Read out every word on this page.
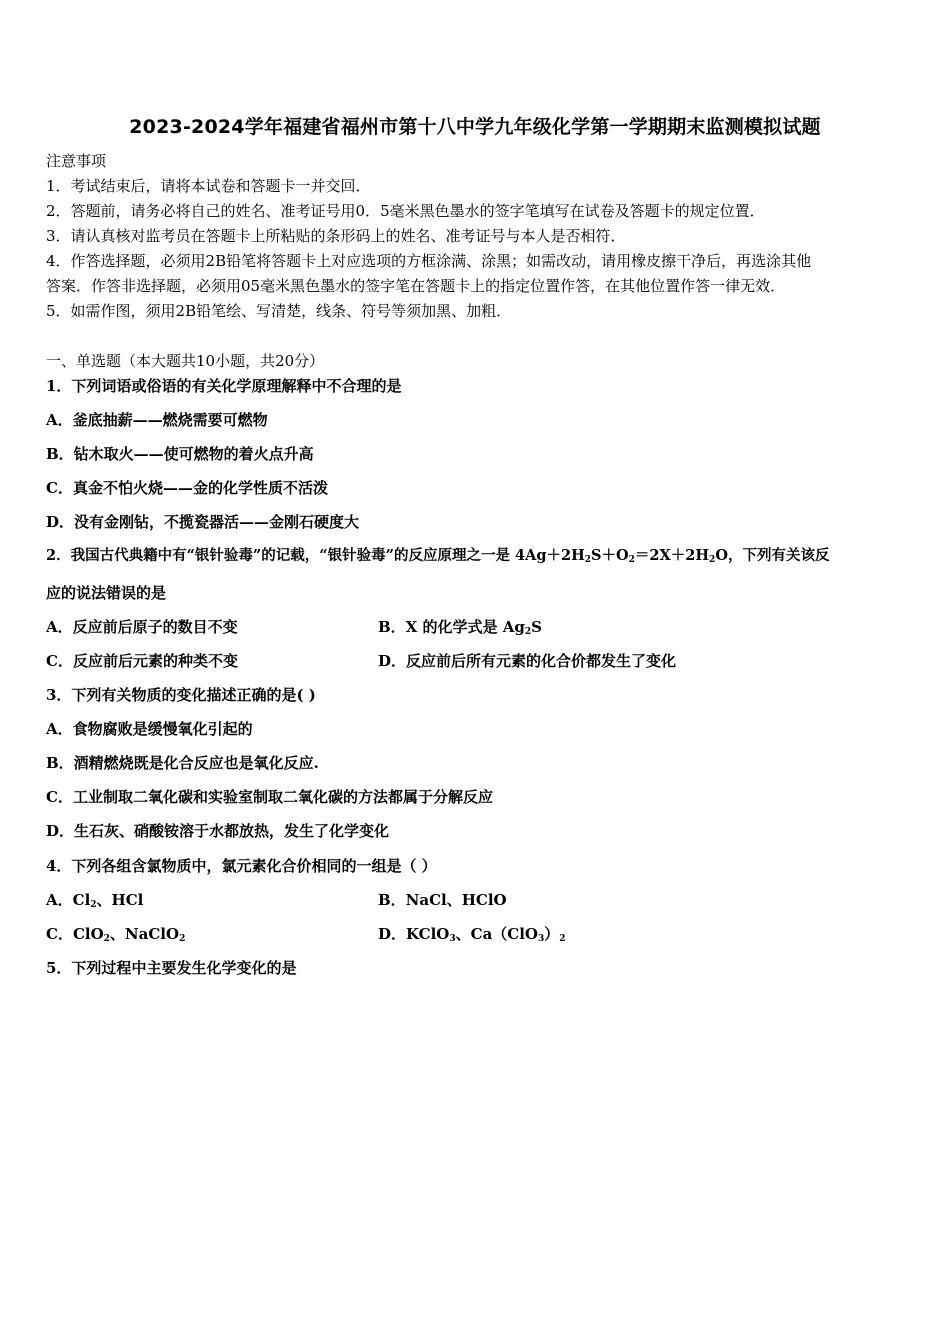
2023-2024学年福建省福州市第十八中学九年级化学第一学期期末监测模拟试题
注意事项
1．考试结束后，请将本试卷和答题卡一并交回．
2．答题前，请务必将自己的姓名、准考证号用0．5毫米黑色墨水的签字笔填写在试卷及答题卡的规定位置．
3．请认真核对监考员在答题卡上所粘贴的条形码上的姓名、准考证号与本人是否相符．
4．作答选择题，必须用2B铅笔将答题卡上对应选项的方框涂满、涂黑；如需改动，请用橡皮擦干净后，再选涂其他
答案．作答非选择题，必须用05毫米黑色墨水的签字笔在答题卡上的指定位置作答，在其他位置作答一律无效．
5．如需作图，须用2B铅笔绘、写清楚，线条、符号等须加黑、加粗．
一、单选题（本大题共10小题，共20分）
1．下列词语或俗语的有关化学原理解释中不合理的是
A．釜底抽薪——燃烧需要可燃物
B．钻木取火——使可燃物的着火点升高
C．真金不怕火烧——金的化学性质不活泼
D．没有金刚钻，不揽瓷器活——金刚石硬度大
2．我国古代典籍中有“银针验毒”的记载，“银针验毒”的反应原理之一是 $4Ag+2H_2S+O_2=2X+2H_2O$，下列有关该反
应的说法错误的是
A．反应前后原子的数目不变	B．X 的化学式是 $Ag_2S$
C．反应前后元素的种类不变	D．反应前后所有元素的化合价都发生了变化
3．下列有关物质的变化描述正确的是( )
A．食物腐败是缓慢氧化引起的
B．酒精燃烧既是化合反应也是氧化反应.
C．工业制取二氧化碳和实验室制取二氧化碳的方法都属于分解反应
D．生石灰、硝酸铵溶于水都放热，发生了化学变化
4．下列各组含氯物质中，氯元素化合价相同的一组是（ ）
A．$Cl_2$、HCl	B．NaCl、HClO
C．ClO$_2$、NaClO$_2$	D．KClO$_3$、$Ca(ClO_3)_2$
5．下列过程中主要发生化学变化的是
